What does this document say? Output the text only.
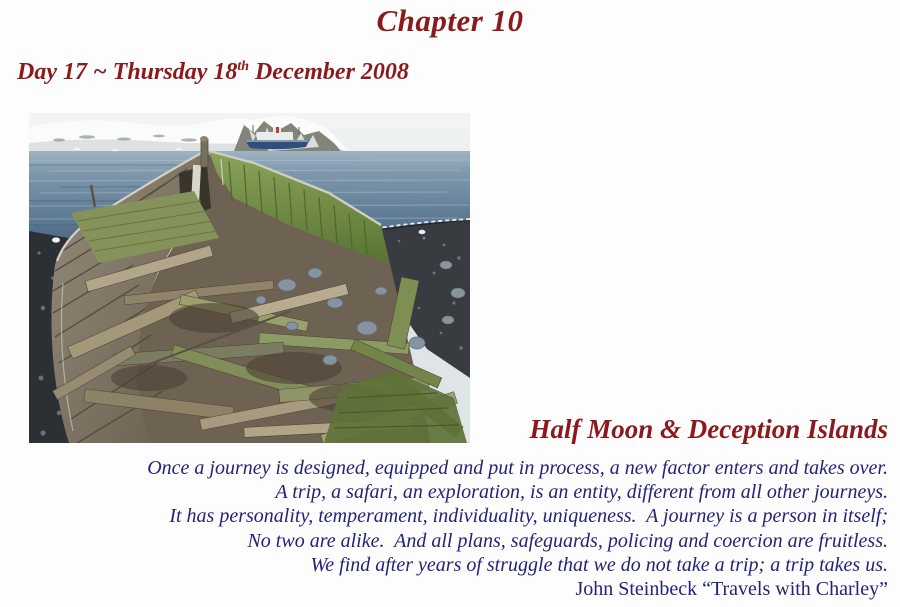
Chapter 10
Day 17 ~ Thursday 18th December 2008
Half Moon & Deception Islands
Once a journey is designed, equipped and put in process, a new factor enters and takes over.
A trip, a safari, an exploration, is an entity, different from all other journeys.
It has personality, temperament, individuality, uniqueness.  A journey is a person in itself;
No two are alike.  And all plans, safeguards, policing and coercion are fruitless.
We find after years of struggle that we do not take a trip; a trip takes us.
John Steinbeck “Travels with Charley”
